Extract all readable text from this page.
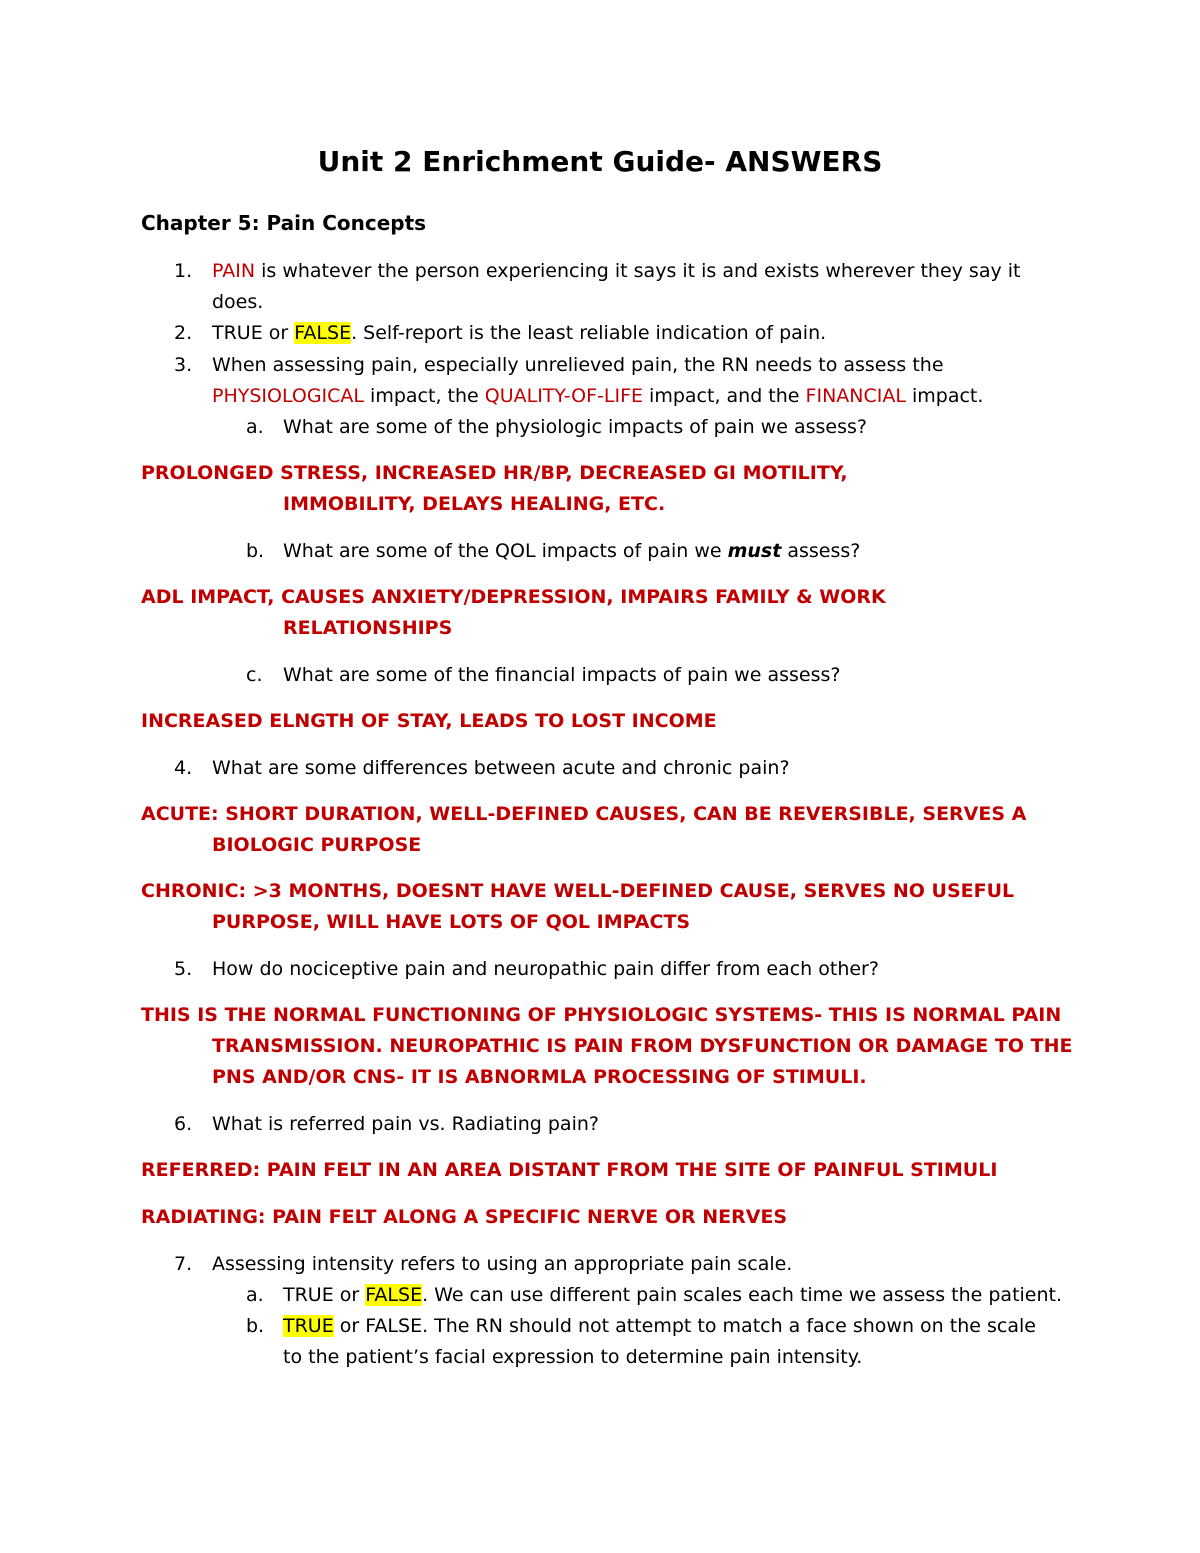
Unit 2 Enrichment Guide- ANSWERS
Chapter 5: Pain Concepts
1. PAIN is whatever the person experiencing it says it is and exists wherever they say it
does.
2. TRUE or FALSE. Self-report is the least reliable indication of pain.
3. When assessing pain, especially unrelieved pain, the RN needs to assess the
PHYSIOLOGICAL impact, the QUALITY-OF-LIFE impact, and the FINANCIAL impact.
a. What are some of the physiologic impacts of pain we assess?
PROLONGED STRESS, INCREASED HR/BP, DECREASED GI MOTILITY,
IMMOBILITY, DELAYS HEALING, ETC.
b. What are some of the QOL impacts of pain we must assess?
ADL IMPACT, CAUSES ANXIETY/DEPRESSION, IMPAIRS FAMILY & WORK
RELATIONSHIPS
c. What are some of the financial impacts of pain we assess?
INCREASED ELNGTH OF STAY, LEADS TO LOST INCOME
4. What are some differences between acute and chronic pain?
ACUTE: SHORT DURATION, WELL-DEFINED CAUSES, CAN BE REVERSIBLE, SERVES A
BIOLOGIC PURPOSE
CHRONIC: >3 MONTHS, DOESNT HAVE WELL-DEFINED CAUSE, SERVES NO USEFUL
PURPOSE, WILL HAVE LOTS OF QOL IMPACTS
5. How do nociceptive pain and neuropathic pain differ from each other?
THIS IS THE NORMAL FUNCTIONING OF PHYSIOLOGIC SYSTEMS- THIS IS NORMAL PAIN
TRANSMISSION. NEUROPATHIC IS PAIN FROM DYSFUNCTION OR DAMAGE TO THE
PNS AND/OR CNS- IT IS ABNORMLA PROCESSING OF STIMULI.
6. What is referred pain vs. Radiating pain?
REFERRED: PAIN FELT IN AN AREA DISTANT FROM THE SITE OF PAINFUL STIMULI
RADIATING: PAIN FELT ALONG A SPECIFIC NERVE OR NERVES
7. Assessing intensity refers to using an appropriate pain scale.
a. TRUE or FALSE. We can use different pain scales each time we assess the patient.
b. TRUE or FALSE. The RN should not attempt to match a face shown on the scale
to the patient’s facial expression to determine pain intensity.
